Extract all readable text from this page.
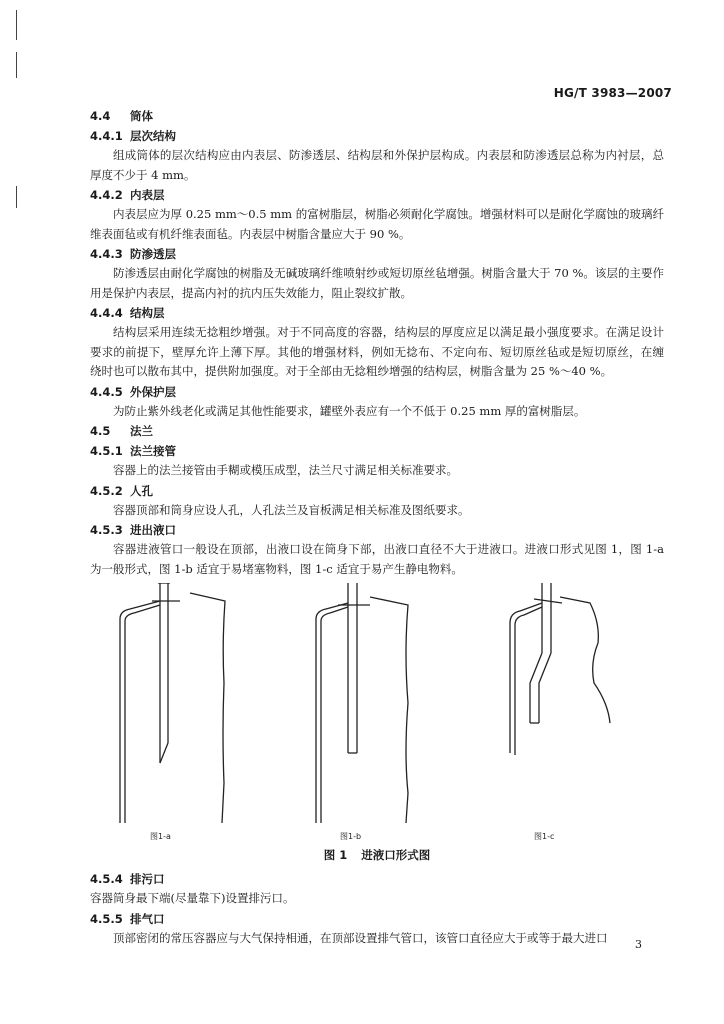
HG/T 3983—2007
4.4 筒体
4.4.1 层次结构

组成筒体的层次结构应由内表层、防渗透层、结构层和外保护层构成。内表层和防渗透层总称为内衬层，总厚度不少于 4 mm。

4.4.2 内表层

内表层应为厚 0.25 mm～0.5 mm 的富树脂层，树脂必须耐化学腐蚀。增强材料可以是耐化学腐蚀的玻璃纤维表面毡或有机纤维表面毡。内表层中树脂含量应大于 90 %。

4.4.3 防渗透层

防渗透层由耐化学腐蚀的树脂及无碱玻璃纤维喷射纱或短切原丝毡增强。树脂含量大于 70 %。该层的主要作用是保护内表层，提高内衬的抗内压失效能力，阻止裂纹扩散。

4.4.4 结构层

结构层采用连续无捻粗纱增强。对于不同高度的容器，结构层的厚度应足以满足最小强度要求。在满足设计要求的前提下，壁厚允许上薄下厚。其他的增强材料，例如无捻布、不定向布、短切原丝毡或是短切原丝，在缠绕时也可以散布其中，提供附加强度。对于全部由无捻粗纱增强的结构层，树脂含量为 25 %～40 %。

4.4.5 外保护层

为防止紫外线老化或满足其他性能要求，罐壁外表应有一个不低于 0.25 mm 厚的富树脂层。

4.5 法兰
4.5.1 法兰接管

容器上的法兰接管由手糊或模压成型，法兰尺寸满足相关标准要求。

4.5.2 人孔

容器顶部和筒身应设人孔，人孔法兰及盲板满足相关标准及图纸要求。

4.5.3 进出液口

容器进液管口一般设在顶部，出液口设在筒身下部，出液口直径不大于进液口。进液口形式见图 1，图 1-a 为一般形式，图 1-b 适宜于易堵塞物料，图 1-c 适宜于易产生静电物料。

图1-a	图1-b	图1-c
图 1 进液口形式图
4.5.4 排污口

容器筒身最下端(尽量靠下)设置排污口。

4.5.5 排气口

顶部密闭的常压容器应与大气保持相通，在顶部设置排气管口，该管口直径应大于或等于最大进口	3
